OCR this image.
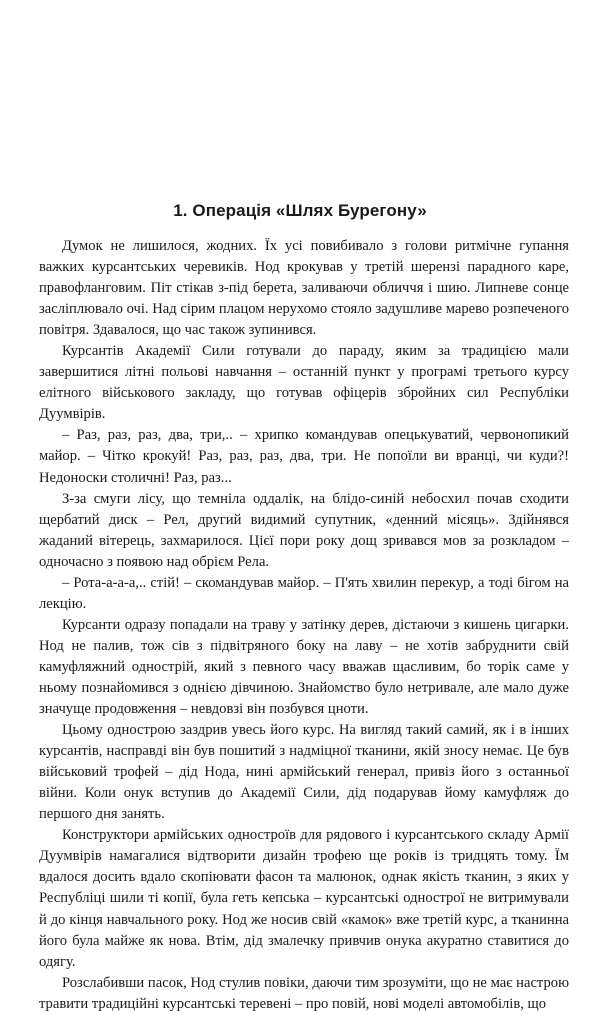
1. Операція «Шлях Бурегону»

Думок не лишилося, жодних. Їх усі повибивало з голови ритмічне гупання важких курсантських черевиків. Нод крокував у третій шерензі парадного каре, правофланговим. Піт стікав з-під берета, заливаючи обличчя і шию. Липневе сонце засліплювало очі. Над сірим плацом нерухомо стояло задушливе марево розпеченого повітря. Здавалося, що час також зупинився.

Курсантів Академії Сили готували до параду, яким за традицією мали завершитися літні польові навчання – останній пункт у програмі третього курсу елітного військового закладу, що готував офіцерів збройних сил Республіки Дуумвірів.

– Раз, раз, раз, два, три,.. – хрипко командував опецькуватий, червонопикий майор. – Чітко крокуй! Раз, раз, раз, два, три. Не попоїли ви вранці, чи куди?! Недоноски столичні! Раз, раз...

З-за смуги лісу, що темніла оддалік, на блідо-синій небосхил почав сходити щербатий диск – Рел, другий видимий супутник, «денний місяць». Здійнявся жаданий вітерець, захмарилося. Цієї пори року дощ зривався мов за розкладом – одночасно з появою над обрієм Рела.

– Рота-а-а-а,.. стій! – скомандував майор. – П'ять хвилин перекур, а тоді бігом на лекцію.

Курсанти одразу попадали на траву у затінку дерев, дістаючи з кишень цигарки. Нод не палив, тож сів з підвітряного боку на лаву – не хотів забруднити свій камуфляжний однострій, який з певного часу вважав щасливим, бо торік саме у ньому познайомився з однією дівчиною. Знайомство було нетривале, але мало дуже значуще продовження – невдовзі він позбувся цноти.

Цьому однострою заздрив увесь його курс. На вигляд такий самий, як і в інших курсантів, насправді він був пошитий з надміцної тканини, якій зносу немає. Це був військовий трофей – дід Нода, нині армійський генерал, привіз його з останньої війни. Коли онук вступив до Академії Сили, дід подарував йому камуфляж до першого дня занять.

Конструктори армійських одностроїв для рядового і курсантського складу Армії Дуумвірів намагалися відтворити дизайн трофею ще років із тридцять тому. Їм вдалося досить вдало скопіювати фасон та малюнок, однак якість тканин, з яких у Республіці шили ті копії, була геть кепська – курсантські однострої не витримували й до кінця навчального року. Нод же носив свій «камок» вже третій курс, а тканинна його була майже як нова. Втім, дід змалечку привчив онука акуратно ставитися до одягу.

Розслабивши пасок, Нод стулив повіки, даючи тим зрозуміти, що не має настрою травити традиційні курсантські теревені – про повій, нові моделі автомобілів, що
